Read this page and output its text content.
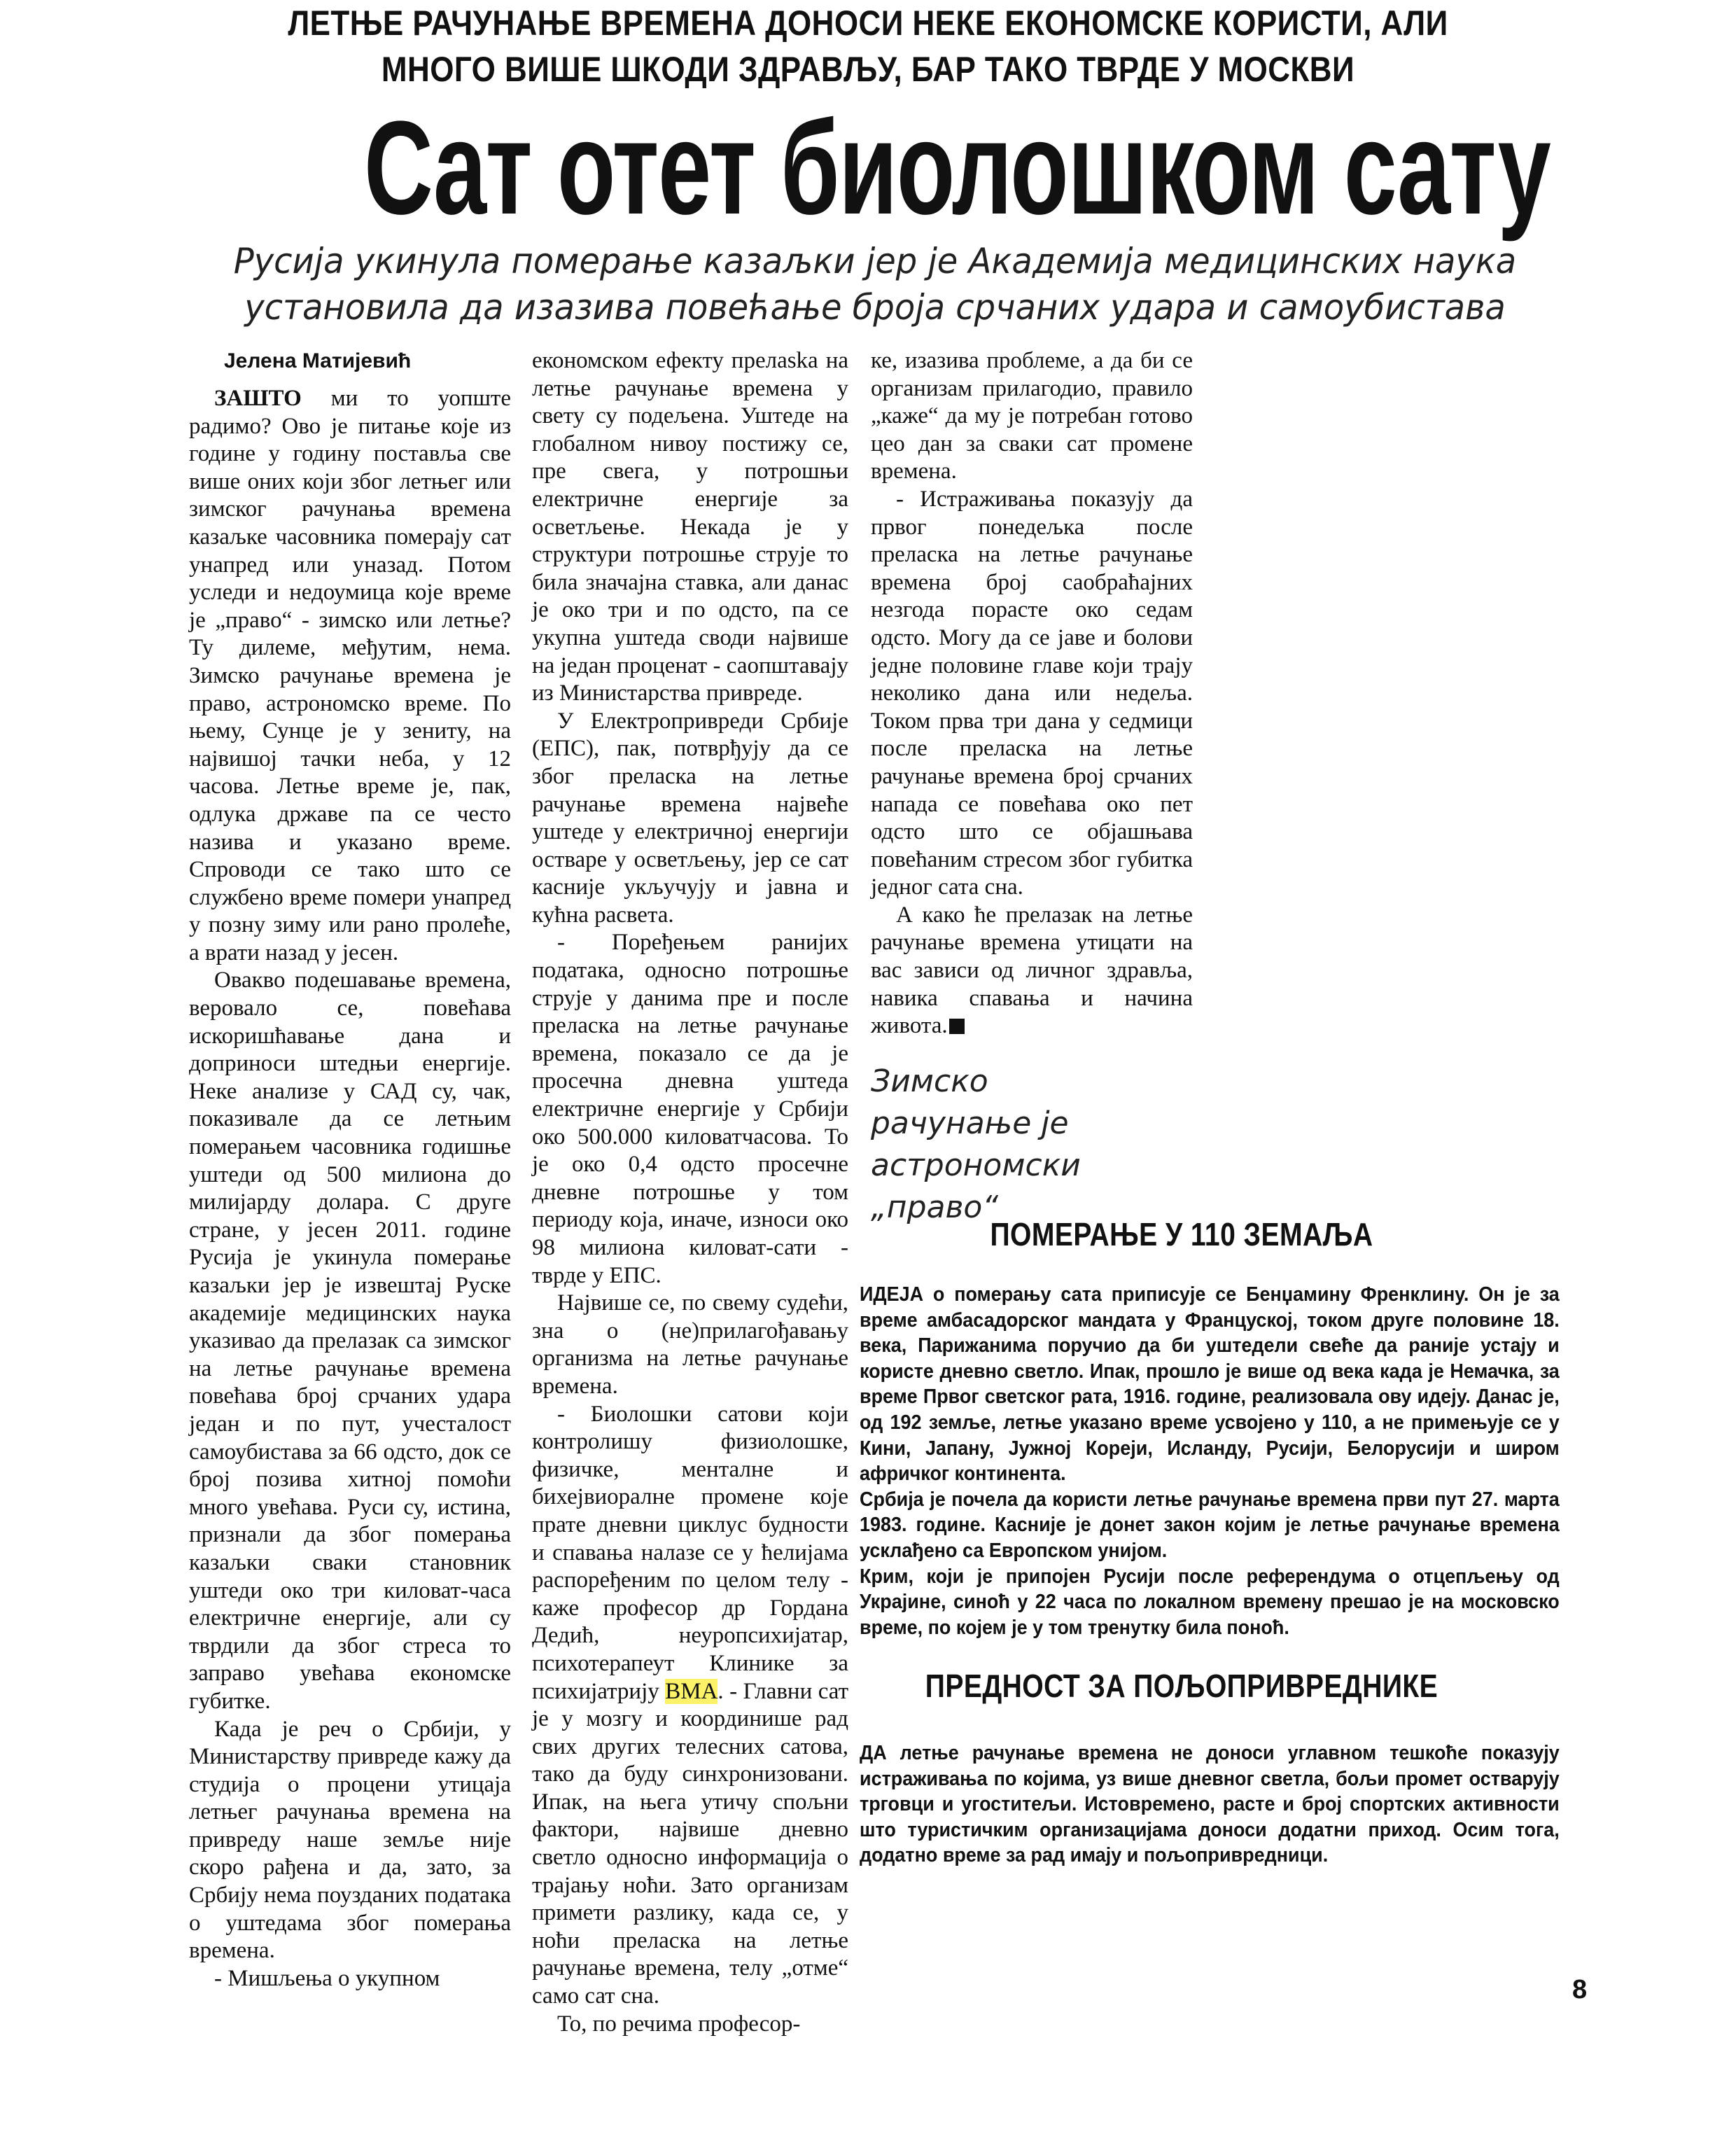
ЛЕТЊЕ РАЧУНАЊЕ ВРЕМЕНА ДОНОСИ НЕКЕ ЕКОНОМСКЕ КОРИСТИ, АЛИ
МНОГО ВИШЕ ШКОДИ ЗДРАВЉУ, БАР ТАКО ТВРДЕ У МОСКВИ
Сат отет биолошком сату
Русија укинула померање казаљки јер је Академија медицинских наука
установила да изазива повећање броја срчаних удара и самоубистава
Јелена Матијевић

ЗАШТО ми то уопште радимо? Ово је питање које из године у годину поставља све више оних који због летњег или зимског рачунања времена казаљке часовника померају сат унапред или уназад. Потом уследи и недоумица које време је „право“ - зимско или летње? Ту дилеме, међутим, нема. Зимско рачунање времена је право, астрономско време. По њему, Сунце је у зениту, на највишој тачки неба, у 12 часова. Летње време је, пак, одлука државе па се често назива и указано време. Спроводи се тако што се службено време помери унапред у позну зиму или рано пролеће, а врати назад у јесен.

Овакво подешавање времена, веровало се, повећава искоришћавање дана и доприноси штедњи енергије. Неке анализе у САД су, чак, показивале да се летњим померањем часовника годишње уштеди од 500 милиона до милијарду долара. С друге стране, у јесен 2011. године Русија је укинула померање казаљки јер је извештај Руске академије медицинских наука указивао да прелазак са зимског на летње рачунање времена повећава број срчаних удара један и по пут, учесталост самоубистава за 66 одсто, док се број позива хитној помоћи много увећава. Руси су, истина, признали да због померања казаљки сваки становник уштеди око три киловат-часа електричне енергије, али су тврдили да због стреса то заправо увећава економске губитке.

Када је реч о Србији, у Министарству привреде кажу да студија о процени утицаја летњег рачунања времена на привреду наше земље није скоро рађена и да, зато, за Србију нема поузданих података о уштедама због померања времена.

- Мишљења о укупном

економском ефекту прелaska на летње рачунање времена у свету су подељена. Уштеде на глобалном нивоу постижу се, пре свега, у потрошњи електричне енергије за осветљење. Некада је у структури потрошње струје то била значајна ставка, али данас је око три и по одсто, па се укупна уштеда своди највише на један проценат - саопштавају из Министарства привреде.

У Електропривреди Србије (ЕПС), пак, потврђују да се због преласка на летње рачунање времена највеће уштеде у електричној енергији остваре у осветљењу, јер се сат касније укључују и јавна и кућна расвета.

- Поређењем ранијих података, односно потрошње струје у данима пре и после преласка на летње рачунање времена, показало се да је просечна дневна уштеда електричне енергије у Србији око 500.000 киловатчасова. То је око 0,4 одсто просечне дневне потрошње у том периоду која, иначе, износи око 98 милиона киловат-сати - тврде у ЕПС.

Највише се, по свему судећи, зна о (не)прилагођавању организма на летње рачунање времена.

- Биолошки сатови који контролишу физиолошке, физичке, менталне и бихејвиоралне промене које прате дневни циклус будности и спавања налазе се у ћелијама распоређеним по целом телу - каже професор др Гордана Дедић, неуропсихијатар, психотерапеут Клинике за психијатрију ВМА. - Главни сат је у мозгу и координише рад свих других телесних сатова, тако да буду синхронизовани. Ипак, на њега утичу спољни фактори, највише дневно светло односно информација о трајању ноћи. Зато организам примети разлику, када се, у ноћи преласка на летње рачунање времена, телу „отме“ само сат сна.

То, по речима професор-

ке, изазива проблеме, а да би се организам прилагодио, правило „каже“ да му је потребан готово цео дан за сваки сат промене времена.

- Истраживања показују да првог понедељка после преласка на летње рачунање времена број саобраћајних незгода порасте око седам одсто. Могу да се јаве и болови једне половине главе који трају неколико дана или недеља. Током прва три дана у седмици после преласка на летње рачунање времена број срчаних напада се повећава око пет одсто што се објашњава повећаним стресом због губитка једног сата сна.

А како ће прелазак на летње рачунање времена утицати на вас зависи од личног здравља, навика спавања и начина живота.

Зимско
рачунање је
астрономски
„право“
ПОМЕРАЊЕ У 110 ЗЕМАЉА

ИДЕЈА о померању сата приписује се Бенџамину Френклину. Он је за време амбасадорског мандата у Француској, током друге половине 18. века, Парижанима поручио да би уштедели свеће да раније устају и користе дневно светло. Ипак, прошло је више од века када је Немачка, за време Првог светског рата, 1916. године, реализовала ову идеју. Данас је, од 192 земље, летње указано време усвојено у 110, а не примењује се у Кини, Јапану, Јужној Кореји, Исланду, Русији, Белорусији и широм афричког континента.

Србија је почела да користи летње рачунање времена први пут 27. марта 1983. године. Касније је донет закон којим је летње рачунање времена усклађено са Европском унијом.

Крим, који је припојен Русији после референдума о отцепљењу од Украјине, синоћ у 22 часа по локалном времену прешао је на московско време, по којем је у том тренутку била поноћ.

ПРЕДНОСТ ЗА ПОЉОПРИВРЕДНИКЕ

ДА летње рачунање времена не доноси углавном тешкоће показују истраживања по којима, уз више дневног светла, бољи промет остварују трговци и угоститељи. Истовремено, расте и број спортских активности што туристичким организацијама доноси додатни приход. Осим тога, додатно време за рад имају и пољопривредници.

8
